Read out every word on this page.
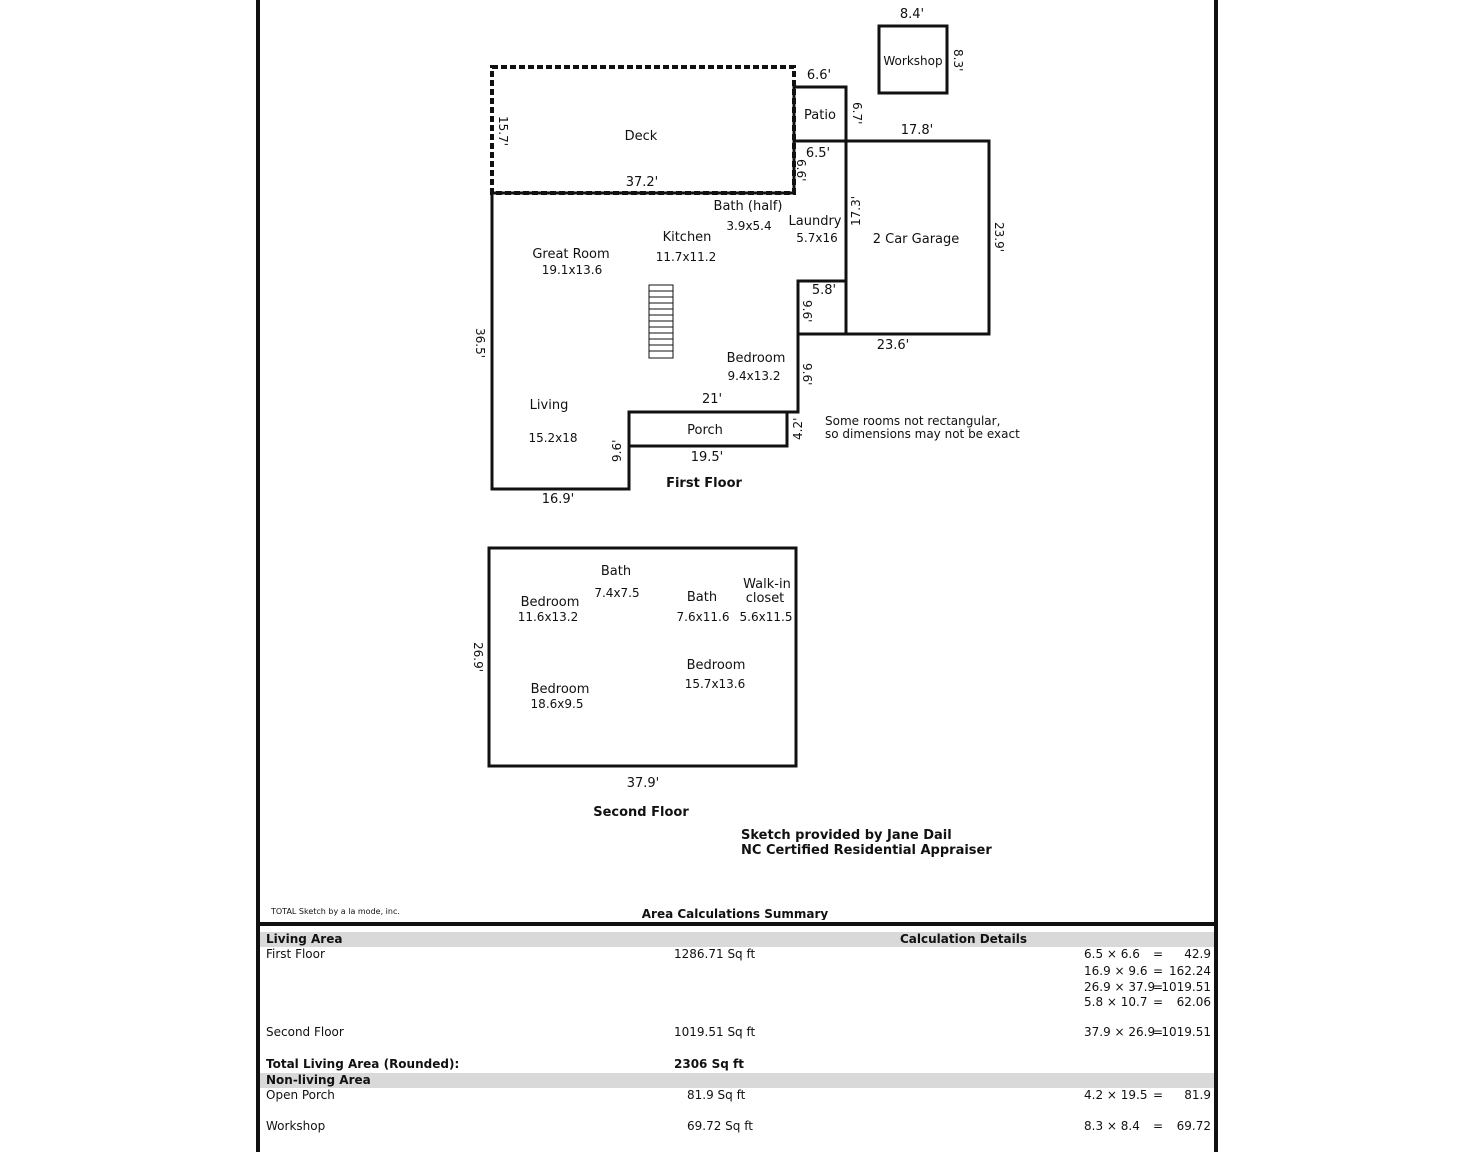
Deck
Patio
Workshop
2 Car Garage
Bath (half)
3.9x5.4 Laundry
5.7x16
Kitchen
11.7x11.2
Great Room
19.1x13.6
Bedroom
9.4x13.2
Living
15.2x18	Porch
8.4'
8.3'
6.6'
6.7'
15.7'
37.2'
6.5'
6.6'
17.8'
17.3'
23.9'
5.8'
9.6'
23.6'
36.5'
9.6'
21'
4.2'
9.6'	19.5'
16.9'
Some rooms not rectangular,
so dimensions may not be exact
First Floor
Bath
7.4x7.5
Bedroom
11.6x13.2
Bath
7.6x11.6
Walk-in
closet
5.6x11.5
Bedroom
15.7x13.6
Bedroom
18.6x9.5
26.9'
37.9'
Second Floor
Sketch provided by Jane Dail
NC Certified Residential Appraiser
TOTAL Sketch by a la mode, inc.	Area Calculations Summary
Living Area	Calculation Details
First Floor	1286.71 Sq ft	6.5 × 6.6 = 42.9
16.9 × 9.6 = 162.24
26.9 × 37.9
=
1019.51
5.8 × 10.7 = 62.06
Second Floor	1019.51 Sq ft	37.9 × 26.9
=
1019.51
Total Living Area (Rounded):	2306 Sq ft
Non-living Area
Open Porch	81.9 Sq ft	4.2 × 19.5 = 81.9
Workshop	69.72 Sq ft	8.3 × 8.4 = 69.72
